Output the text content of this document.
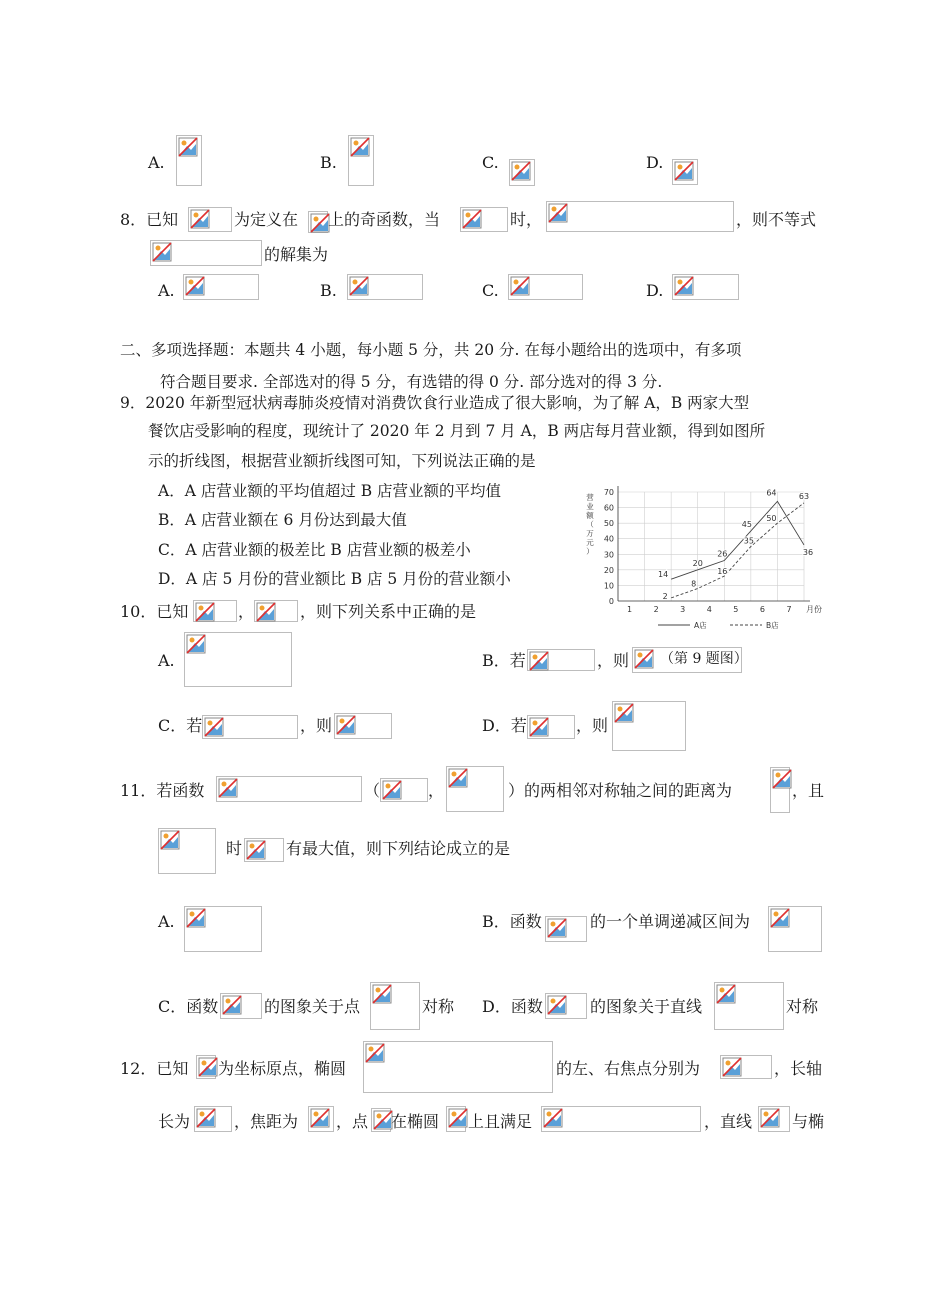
A.	B.	C.	D.
8．已知	为定义在 上的奇函数，当	时，	，则不等式
的解集为
A.	B.	C.	D.
二、多项选择题：本题共 4 小题，每小题 5 分，共 20 分. 在每小题给出的选项中，有多项
符合题目要求. 全部选对的得 5 分，有选错的得 0 分. 部分选对的得 3 分.
9．2020 年新型冠状病毒肺炎疫情对消费饮食行业造成了很大影响，为了解 A，B 两家大型
餐饮店受影响的程度，现统计了 2020 年 2 月到 7 月 A，B 两店每月营业额，得到如图所
示的折线图，根据营业额折线图可知，下列说法正确的是
A．A 店营业额的平均值超过 B 店营业额的平均值
B．A 店营业额在 6 月份达到最大值
C．A 店营业额的极差比 B 店营业额的极差小
D．A 店 5 月份的营业额比 B 店 5 月份的营业额小
0
10
20
30
40
50
60
70
1	2	3	4	5	6	7 月份
营
业
额
（
万
元
）
14
20
26
45
64
36
2
8
16
35
50
63
A店	B店
10．已知	，	，则下列关系中正确的是
A.	B．若	，则 （第 9 题图）
C．若	，则	D．若	，则
11．若函数	（	，	）的两相邻对称轴之间的距离为	，且
时	有最大值，则下列结论成立的是
A.	B．函数	的一个单调递减区间为
C．函数	的图象关于点	对称 D．函数	的图象关于直线	对称
12．已知 为坐标原点，椭圆	的左、右焦点分别为	，长轴
长为	，焦距为 ，点 在椭圆 上且满足	，直线 与椭
